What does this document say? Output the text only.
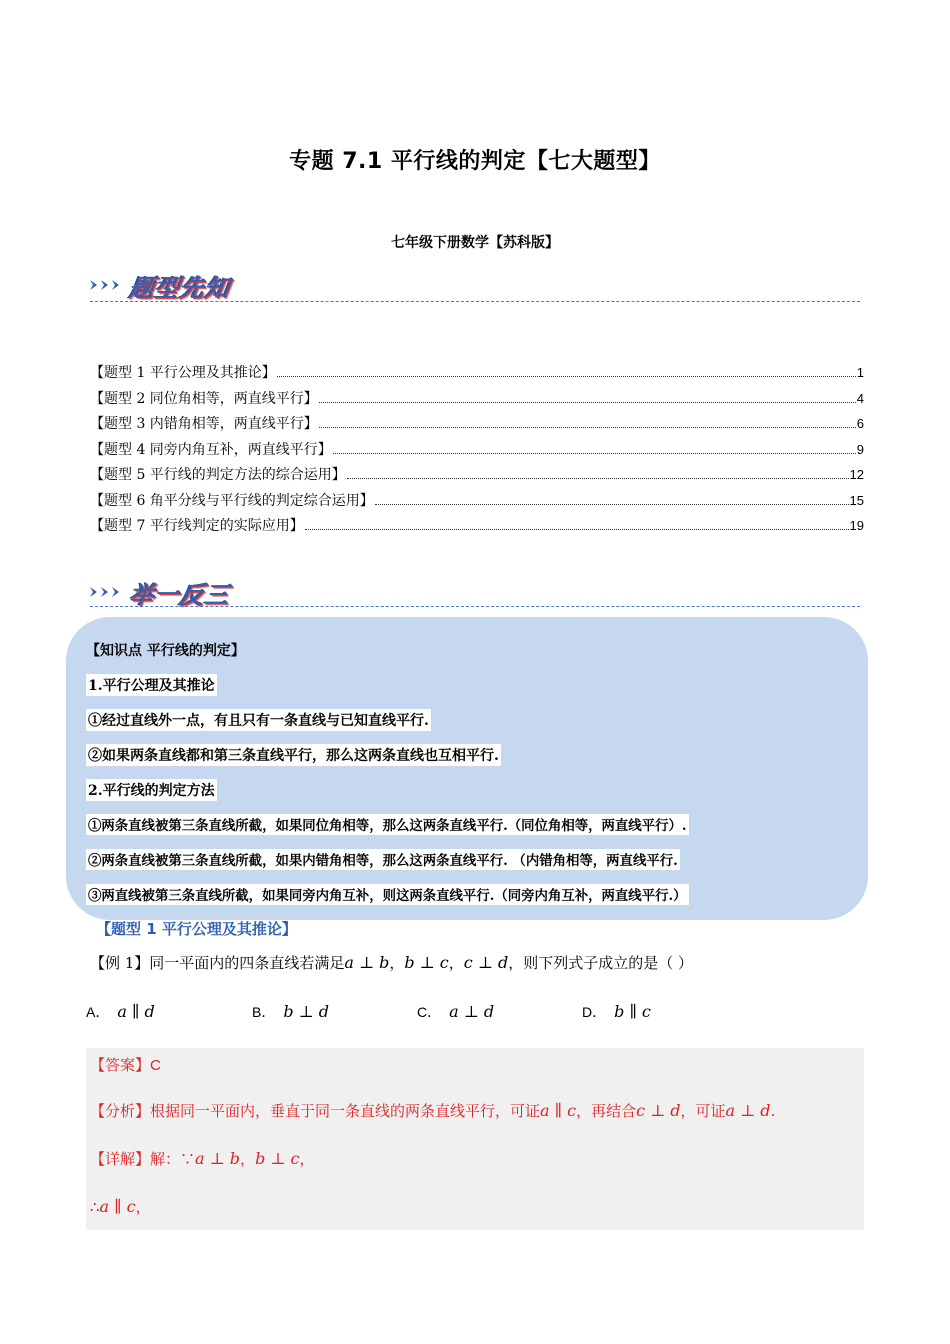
专题 7.1 平行线的判定【七大题型】
七年级下册数学【苏科版】
题型先知
【题型 1 平行公理及其推论】	1
【题型 2 同位角相等，两直线平行】	4
【题型 3 内错角相等，两直线平行】	6
【题型 4 同旁内角互补，两直线平行】	9
【题型 5 平行线的判定方法的综合运用】	12
【题型 6 角平分线与平行线的判定综合运用】	15
【题型 7 平行线判定的实际应用】	19
举一反三
【知识点 平行线的判定】
1.平行公理及其推论
①经过直线外一点，有且只有一条直线与已知直线平行.
②如果两条直线都和第三条直线平行，那么这两条直线也互相平行.
2.平行线的判定方法
①两条直线被第三条直线所截，如果同位角相等，那么这两条直线平行.（同位角相等，两直线平行）.
②两条直线被第三条直线所截，如果内错角相等，那么这两条直线平行. （内错角相等，两直线平行.
③两直线被第三条直线所截，如果同旁内角互补，则这两条直线平行.（同旁内角互补，两直线平行.）
【题型 1 平行公理及其推论】
【例 1】同一平面内的四条直线若满足a ⊥ b，b ⊥ c，c ⊥ d，则下列式子成立的是（ ）
A． a ∥ d	B． b ⊥ d	C． a ⊥ d	D． b ∥ c
【答案】C
【分析】根据同一平面内，垂直于同一条直线的两条直线平行，可证a ∥ c，再结合c ⊥ d，可证a ⊥ d.
【详解】解：∵a ⊥ b，b ⊥ c，
∴a ∥ c，
